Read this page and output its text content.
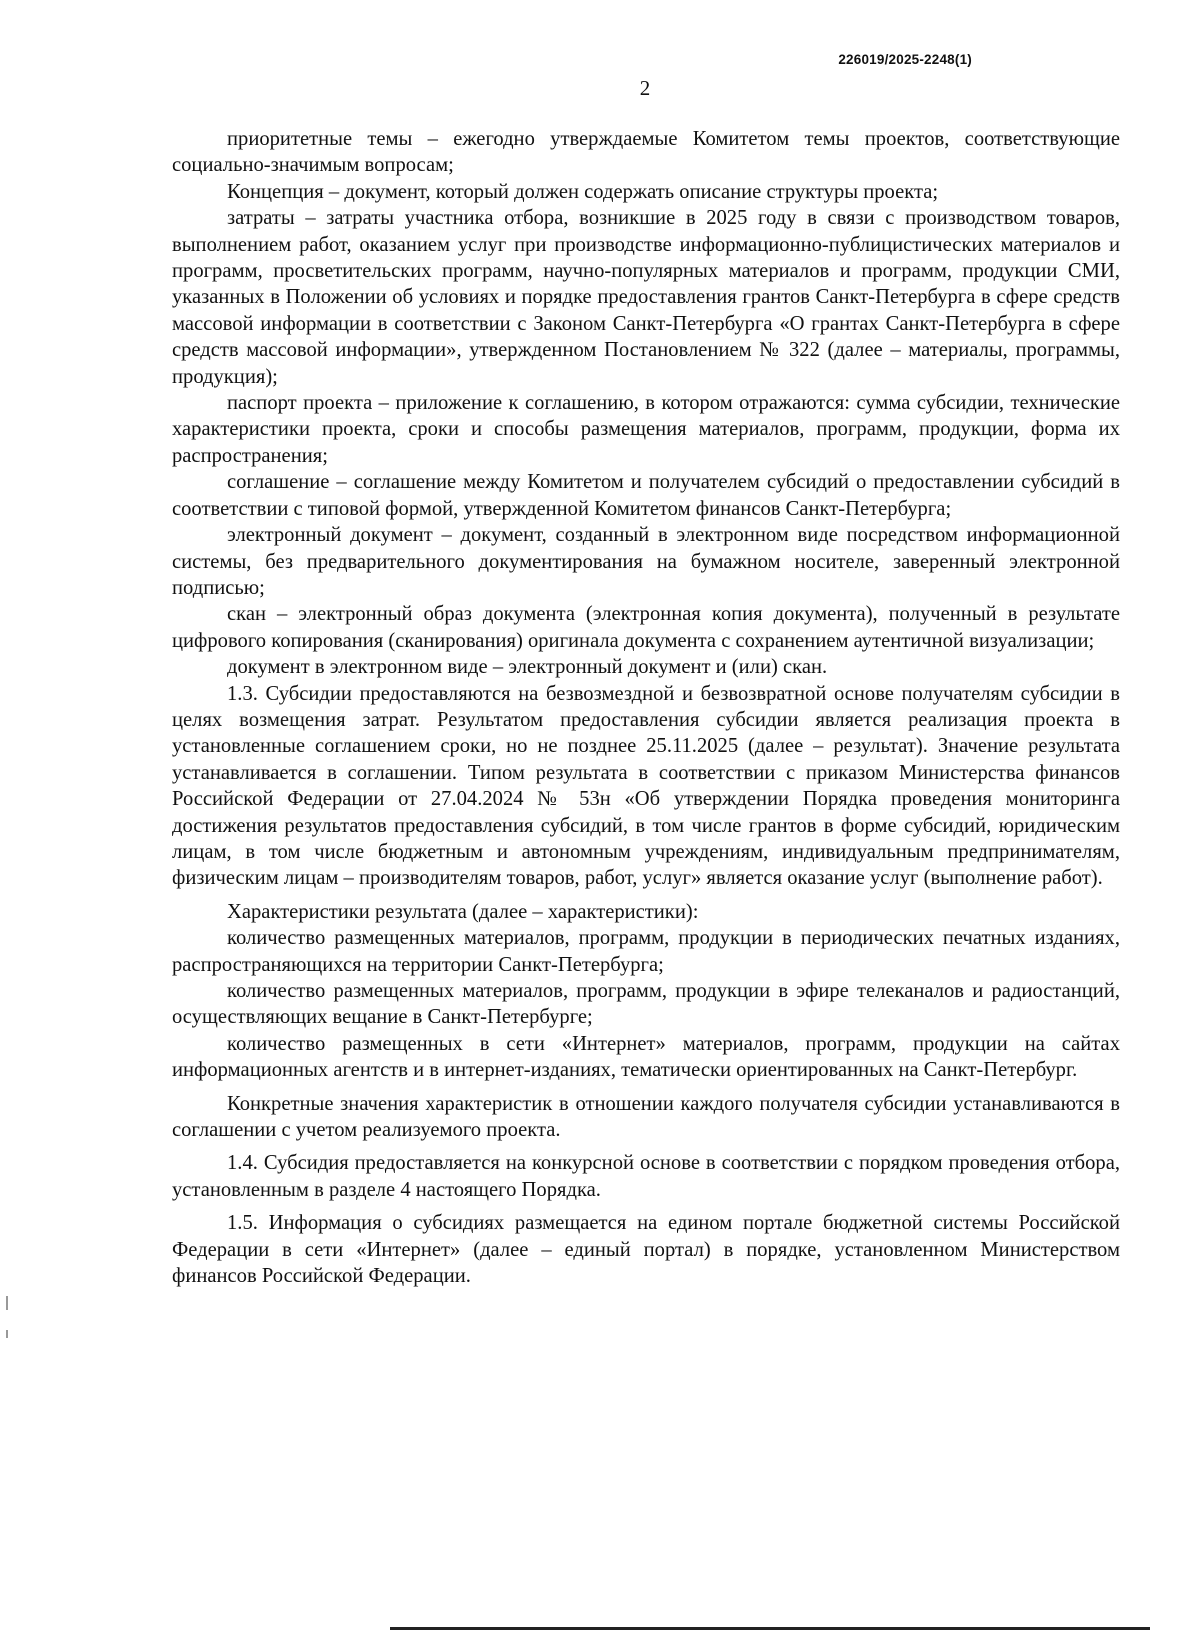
226019/2025-2248(1)
2

приоритетные темы – ежегодно утверждаемые Комитетом темы проектов, соответствующие социально-значимым вопросам;

Концепция – документ, который должен содержать описание структуры проекта;

затраты – затраты участника отбора, возникшие в 2025 году в связи с производством товаров, выполнением работ, оказанием услуг при производстве информационно-публицистических материалов и программ, просветительских программ, научно-популярных материалов и программ, продукции СМИ, указанных в Положении об условиях и порядке предоставления грантов Санкт-Петербурга в сфере средств массовой информации в соответствии с Законом Санкт-Петербурга «О грантах Санкт-Петербурга в сфере средств массовой информации», утвержденном Постановлением № 322 (далее – материалы, программы, продукция);

паспорт проекта – приложение к соглашению, в котором отражаются: сумма субсидии, технические характеристики проекта, сроки и способы размещения материалов, программ, продукции, форма их распространения;

соглашение – соглашение между Комитетом и получателем субсидий о предоставлении субсидий в соответствии с типовой формой, утвержденной Комитетом финансов Санкт-Петербурга;

электронный документ – документ, созданный в электронном виде посредством информационной системы, без предварительного документирования на бумажном носителе, заверенный электронной подписью;

скан – электронный образ документа (электронная копия документа), полученный в результате цифрового копирования (сканирования) оригинала документа с сохранением аутентичной визуализации;

документ в электронном виде – электронный документ и (или) скан.

1.3. Субсидии предоставляются на безвозмездной и безвозвратной основе получателям субсидии в целях возмещения затрат. Результатом предоставления субсидии является реализация проекта в установленные соглашением сроки, но не позднее 25.11.2025 (далее – результат). Значение результата устанавливается в соглашении. Типом результата в соответствии с приказом Министерства финансов Российской Федерации от 27.04.2024 № 53н «Об утверждении Порядка проведения мониторинга достижения результатов предоставления субсидий, в том числе грантов в форме субсидий, юридическим лицам, в том числе бюджетным и автономным учреждениям, индивидуальным предпринимателям, физическим лицам – производителям товаров, работ, услуг» является оказание услуг (выполнение работ).

Характеристики результата (далее – характеристики):

количество размещенных материалов, программ, продукции в периодических печатных изданиях, распространяющихся на территории Санкт-Петербурга;

количество размещенных материалов, программ, продукции в эфире телеканалов и радиостанций, осуществляющих вещание в Санкт-Петербурге;

количество размещенных в сети «Интернет» материалов, программ, продукции на сайтах информационных агентств и в интернет-изданиях, тематически ориентированных на Санкт-Петербург.

Конкретные значения характеристик в отношении каждого получателя субсидии устанавливаются в соглашении с учетом реализуемого проекта.

1.4. Субсидия предоставляется на конкурсной основе в соответствии с порядком проведения отбора, установленным в разделе 4 настоящего Порядка.

1.5. Информация о субсидиях размещается на едином портале бюджетной системы Российской Федерации в сети «Интернет» (далее – единый портал) в порядке, установленном Министерством финансов Российской Федерации.
